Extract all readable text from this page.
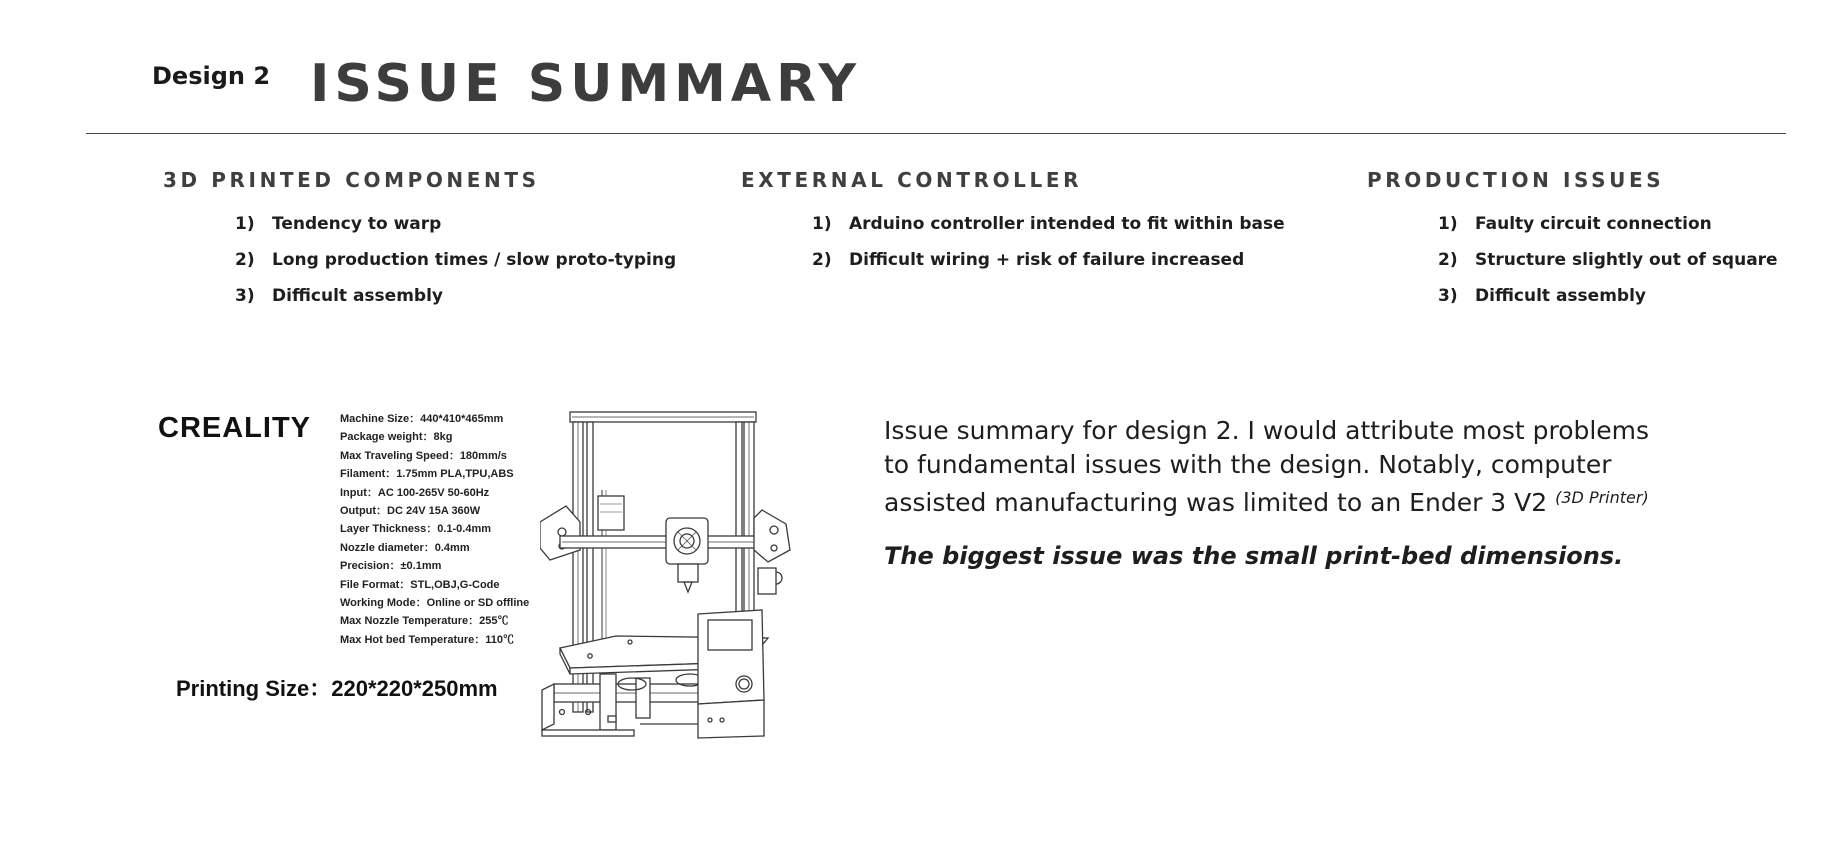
Design 2 ISSUE SUMMARY
3D PRINTED COMPONENTS
1)	Tendency to warp
2)	Long production times / slow proto-typing
3)	Difficult assembly
EXTERNAL CONTROLLER
1)	Arduino controller intended to fit within base
2)	Difficult wiring + risk of failure increased
PRODUCTION ISSUES
1)	Faulty circuit connection
2)	Structure slightly out of square
3)	Difficult assembly
CREALITY	Machine Size：440*410*465mm
Package weight：8kg
Max Traveling Speed：180mm/s
Filament：1.75mm PLA,TPU,ABS
Input：AC 100-265V 50-60Hz
Output：DC 24V 15A 360W
Layer Thickness：0.1-0.4mm
Nozzle diameter：0.4mm
Precision：±0.1mm
File Format：STL,OBJ,G-Code
Working Mode：Online or SD offline
Max Nozzle Temperature：255℃
Max Hot bed Temperature：110℃
Printing Size：220*220*250mm

Issue summary for design 2. I would attribute most problems to fundamental issues with the design. Notably, computer assisted manufacturing was limited to an Ender 3 V2 $^{(3D Printer)}$

The biggest issue was the small print-bed dimensions.
